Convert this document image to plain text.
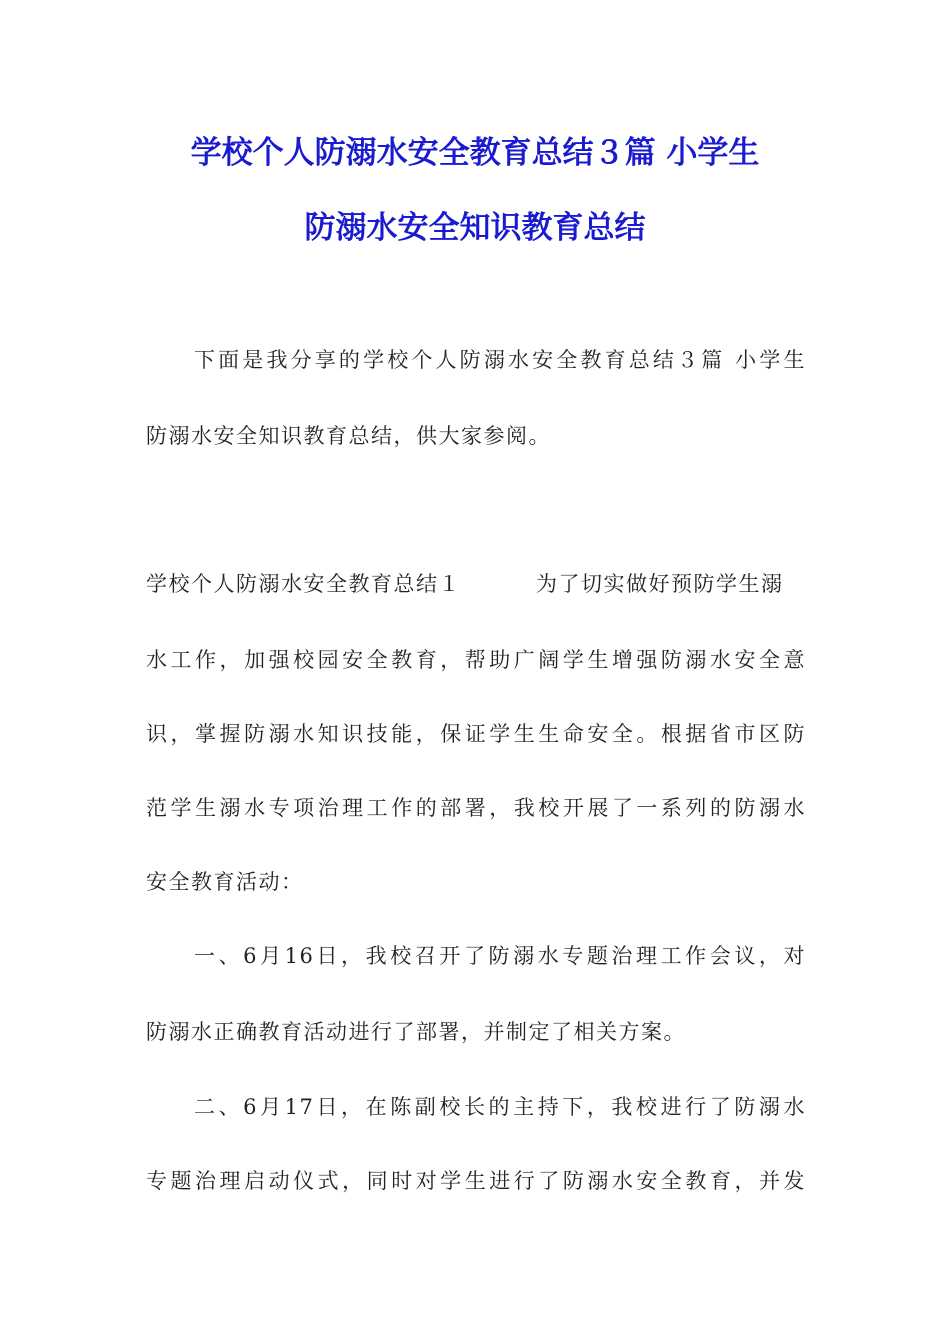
学校个人防溺水安全教育总结３篇 小学生
防溺水安全知识教育总结
下面是我分享的学校个人防溺水安全教育总结３篇 小学生
防溺水安全知识教育总结，供大家参阅。
学校个人防溺水安全教育总结１	为了切实做好预防学生溺
水工作，加强校园安全教育，帮助广阔学生增强防溺水安全意
识，掌握防溺水知识技能，保证学生生命安全。根据省市区防
范学生溺水专项治理工作的部署，我校开展了一系列的防溺水
安全教育活动：
一、6月16日，我校召开了防溺水专题治理工作会议，对
防溺水正确教育活动进行了部署，并制定了相关方案。
二、6月17日，在陈副校长的主持下，我校进行了防溺水
专题治理启动仪式，同时对学生进行了防溺水安全教育，并发
